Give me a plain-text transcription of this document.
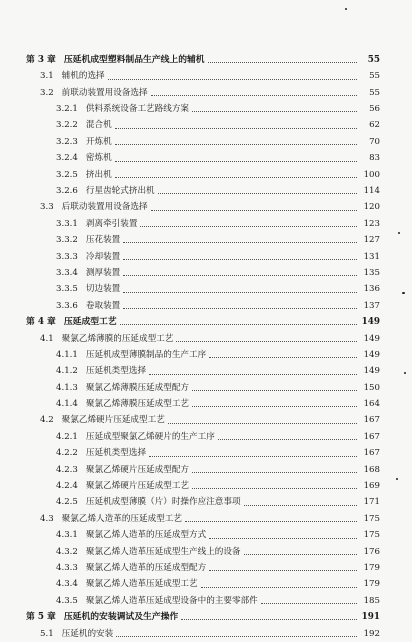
第 3 章 压延机成型塑料制品生产线上的辅机	55
3.1 辅机的选择	55
3.2 前联动装置用设备选择	55
3.2.1 供料系统设备工艺路线方案	56
3.2.2 混合机	62
3.2.3 开炼机	70
3.2.4 密炼机	83
3.2.5 挤出机	100
3.2.6 行星齿轮式挤出机	114
3.3 后联动装置用设备选择	120
3.3.1 剥离牵引装置	123
3.3.2 压花装置	127
3.3.3 冷却装置	131
3.3.4 测厚装置	135
3.3.5 切边装置	136
3.3.6 卷取装置	137
第 4 章 压延成型工艺	149
4.1 聚氯乙烯薄膜的压延成型工艺	149
4.1.1 压延机成型薄膜制品的生产工序	149
4.1.2 压延机类型选择	149
4.1.3 聚氯乙烯薄膜压延成型配方	150
4.1.4 聚氯乙烯薄膜压延成型工艺	164
4.2 聚氯乙烯硬片压延成型工艺	167
4.2.1 压延成型聚氯乙烯硬片的生产工序	167
4.2.2 压延机类型选择	167
4.2.3 聚氯乙烯硬片压延成型配方	168
4.2.4 聚氯乙烯硬片压延成型工艺	169
4.2.5 压延机成型薄膜（片）时操作应注意事项	171
4.3 聚氯乙烯人造革的压延成型工艺	175
4.3.1 聚氯乙烯人造革的压延成型方式	175
4.3.2 聚氯乙烯人造革压延成型生产线上的设备	176
4.3.3 聚氯乙烯人造革的压延成型配方	179
4.3.4 聚氯乙烯人造革压延成型工艺	179
4.3.5 聚氯乙烯人造革压延成型设备中的主要零部件	185
第 5 章 压延机的安装调试及生产操作	191
5.1 压延机的安装	192
